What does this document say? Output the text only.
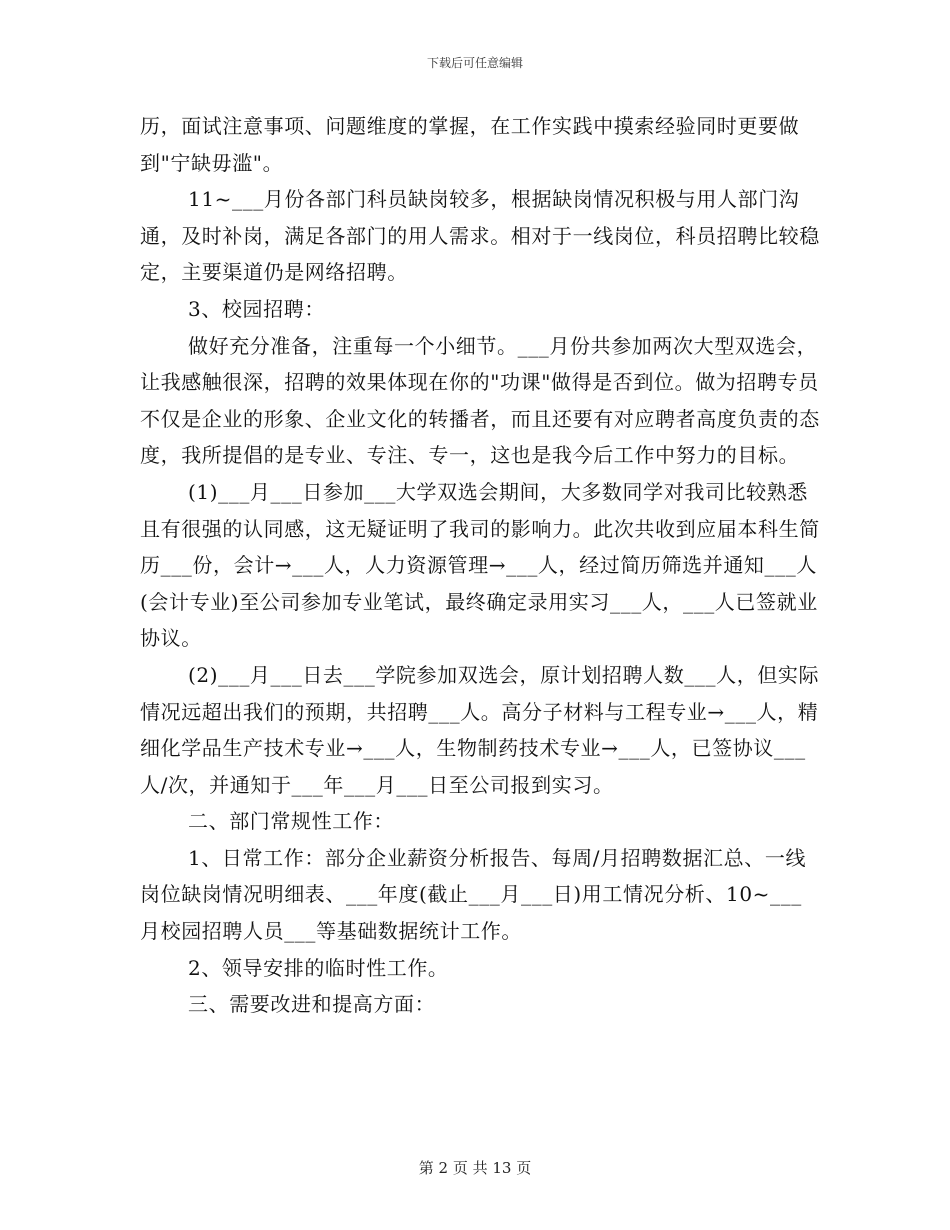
下载后可任意编辑

历，面试注意事项、问题维度的掌握，在工作实践中摸索经验同时更要做到"宁缺毋滥"。

11~___月份各部门科员缺岗较多，根据缺岗情况积极与用人部门沟通，及时补岗，满足各部门的用人需求。相对于一线岗位，科员招聘比较稳定，主要渠道仍是网络招聘。

3、校园招聘：

做好充分准备，注重每一个小细节。___月份共参加两次大型双选会，让我感触很深，招聘的效果体现在你的"功课"做得是否到位。做为招聘专员不仅是企业的形象、企业文化的转播者，而且还要有对应聘者高度负责的态度，我所提倡的是专业、专注、专一，这也是我今后工作中努力的目标。

(1)___月___日参加___大学双选会期间，大多数同学对我司比较熟悉且有很强的认同感，这无疑证明了我司的影响力。此次共收到应届本科生简历___份，会计→___人，人力资源管理→___人，经过简历筛选并通知___人(会计专业)至公司参加专业笔试，最终确定录用实习___人，___人已签就业协议。

(2)___月___日去___学院参加双选会，原计划招聘人数___人，但实际情况远超出我们的预期，共招聘___人。高分子材料与工程专业→___人，精细化学品生产技术专业→___人，生物制药技术专业→___人，已签协议___人/次，并通知于___年___月___日至公司报到实习。

二、部门常规性工作：

1、日常工作：部分企业薪资分析报告、每周/月招聘数据汇总、一线岗位缺岗情况明细表、___年度(截止___月___日)用工情况分析、10~___月校园招聘人员___等基础数据统计工作。

2、领导安排的临时性工作。

三、需要改进和提高方面：

第 2 页 共 13 页
